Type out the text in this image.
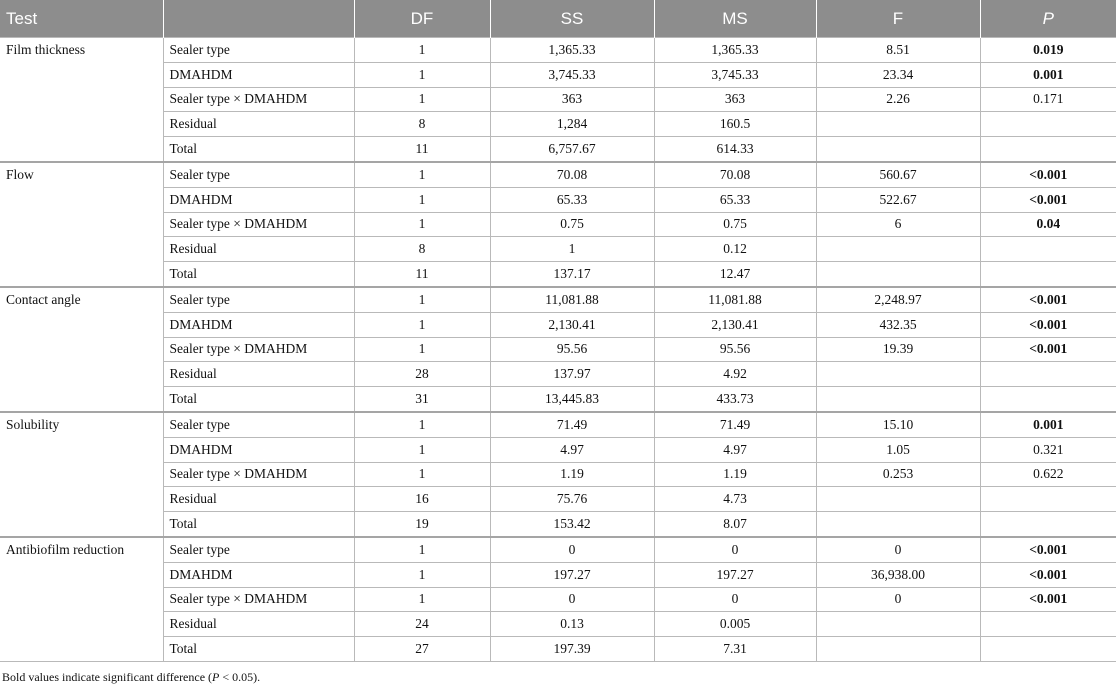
Test		DF	SS	MS	F	P
Film thickness	Sealer type	1	1,365.33	1,365.33	8.51	0.019
	DMAHDM	1	3,745.33	3,745.33	23.34	0.001
	Sealer type × DMAHDM	1	363	363	2.26	0.171
	Residual	8	1,284	160.5		
	Total	11	6,757.67	614.33		
Flow	Sealer type	1	70.08	70.08	560.67	<0.001
	DMAHDM	1	65.33	65.33	522.67	<0.001
	Sealer type × DMAHDM	1	0.75	0.75	6	0.04
	Residual	8	1	0.12		
	Total	11	137.17	12.47		
Contact angle	Sealer type	1	11,081.88	11,081.88	2,248.97	<0.001
	DMAHDM	1	2,130.41	2,130.41	432.35	<0.001
	Sealer type × DMAHDM	1	95.56	95.56	19.39	<0.001
	Residual	28	137.97	4.92		
	Total	31	13,445.83	433.73		
Solubility	Sealer type	1	71.49	71.49	15.10	0.001
	DMAHDM	1	4.97	4.97	1.05	0.321
	Sealer type × DMAHDM	1	1.19	1.19	0.253	0.622
	Residual	16	75.76	4.73		
	Total	19	153.42	8.07		
Antibiofilm reduction	Sealer type	1	0	0	0	<0.001
	DMAHDM	1	197.27	197.27	36,938.00	<0.001
	Sealer type × DMAHDM	1	0	0	0	<0.001
	Residual	24	0.13	0.005		
	Total	27	197.39	7.31		
Bold values indicate significant difference (P < 0.05).
